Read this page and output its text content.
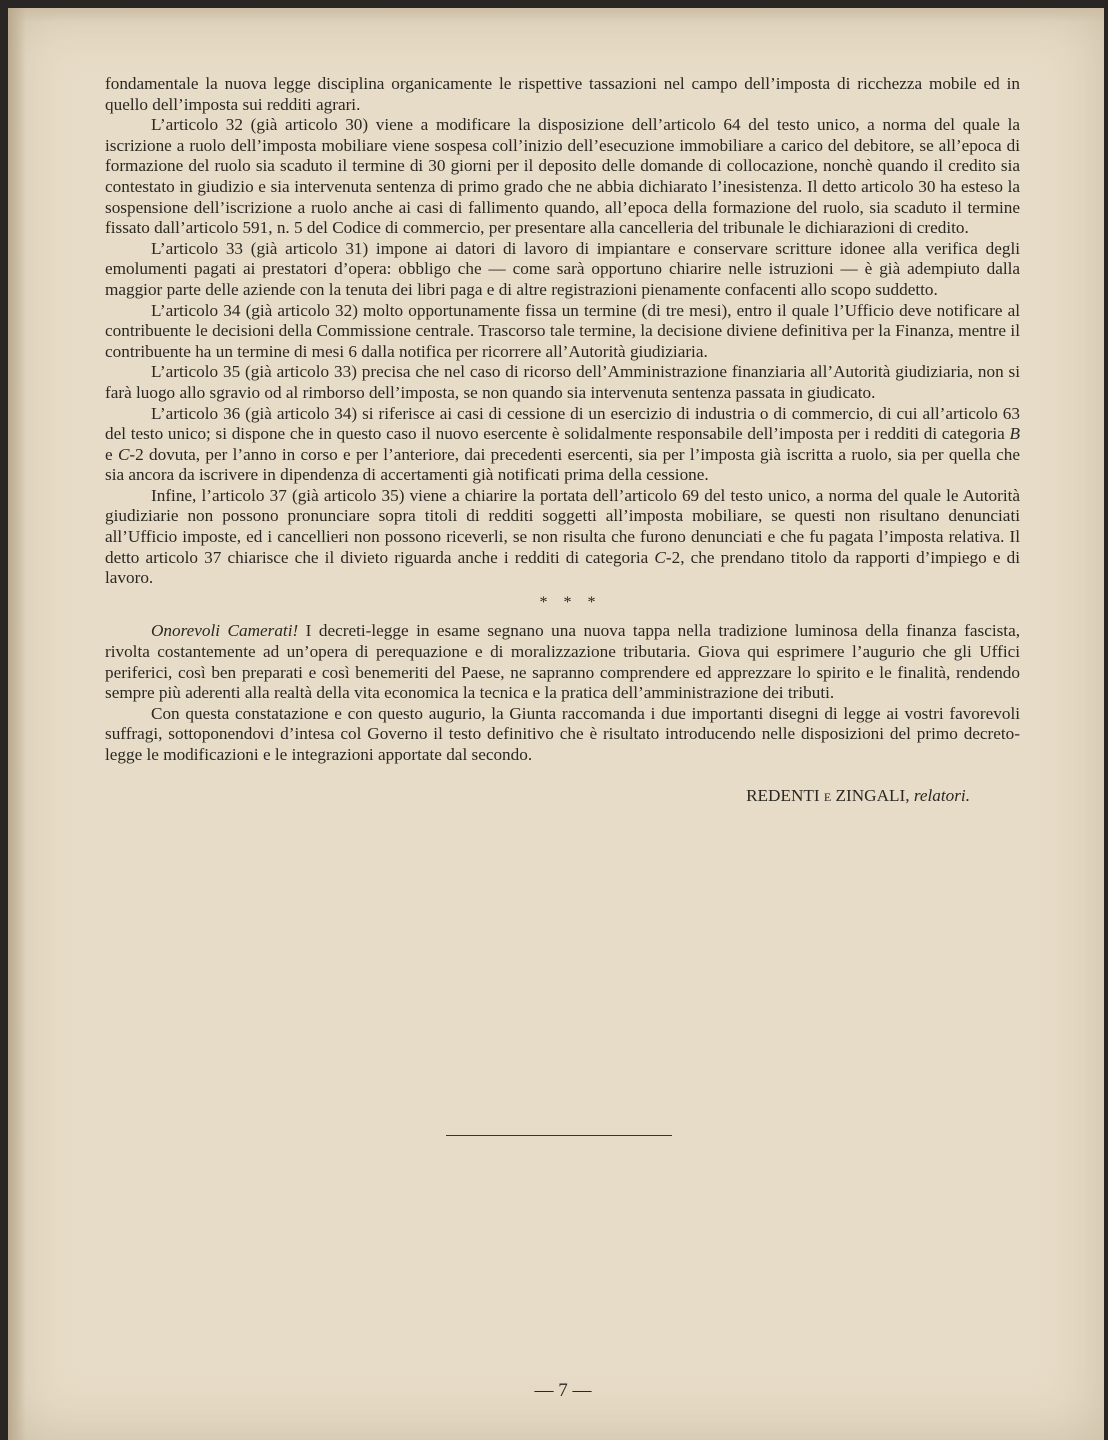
fondamentale la nuova legge disciplina organicamente le rispettive tassazioni nel campo dell’imposta di ricchezza mobile ed in quello dell’imposta sui redditi agrari.

L’articolo 32 (già articolo 30) viene a modificare la disposizione dell’articolo 64 del testo unico, a norma del quale la iscrizione a ruolo dell’imposta mobiliare viene sospesa coll’inizio dell’esecuzione immobiliare a carico del debitore, se all’epoca di formazione del ruolo sia scaduto il termine di 30 giorni per il deposito delle domande di collocazione, nonchè quando il credito sia contestato in giudizio e sia intervenuta sentenza di primo grado che ne abbia dichiarato l’inesistenza. Il detto articolo 30 ha esteso la sospensione dell’iscrizione a ruolo anche ai casi di fallimento quando, all’epoca della formazione del ruolo, sia scaduto il termine fissato dall’articolo 591, n. 5 del Codice di commercio, per presentare alla cancelleria del tribunale le dichiarazioni di credito.

L’articolo 33 (già articolo 31) impone ai datori di lavoro di impiantare e conservare scritture idonee alla verifica degli emolumenti pagati ai prestatori d’opera: obbligo che — come sarà opportuno chiarire nelle istruzioni — è già adempiuto dalla maggior parte delle aziende con la tenuta dei libri paga e di altre registrazioni pienamente confacenti allo scopo suddetto.

L’articolo 34 (già articolo 32) molto opportunamente fissa un termine (di tre mesi), entro il quale l’Ufficio deve notificare al contribuente le decisioni della Commissione centrale. Trascorso tale termine, la decisione diviene definitiva per la Finanza, mentre il contribuente ha un termine di mesi 6 dalla notifica per ricorrere all’Autorità giudiziaria.

L’articolo 35 (già articolo 33) precisa che nel caso di ricorso dell’Amministrazione finanziaria all’Autorità giudiziaria, non si farà luogo allo sgravio od al rimborso dell’imposta, se non quando sia intervenuta sentenza passata in giudicato.

L’articolo 36 (già articolo 34) si riferisce ai casi di cessione di un esercizio di industria o di commercio, di cui all’articolo 63 del testo unico; si dispone che in questo caso il nuovo esercente è solidalmente responsabile dell’imposta per i redditi di categoria B e C-2 dovuta, per l’anno in corso e per l’anteriore, dai precedenti esercenti, sia per l’imposta già iscritta a ruolo, sia per quella che sia ancora da iscrivere in dipendenza di accertamenti già notificati prima della cessione.

Infine, l’articolo 37 (già articolo 35) viene a chiarire la portata dell’articolo 69 del testo unico, a norma del quale le Autorità giudiziarie non possono pronunciare sopra titoli di redditi soggetti all’imposta mobiliare, se questi non risultano denunciati all’Ufficio imposte, ed i cancellieri non possono riceverli, se non risulta che furono denunciati e che fu pagata l’imposta relativa. Il detto articolo 37 chiarisce che il divieto riguarda anche i redditi di categoria C-2, che prendano titolo da rapporti d’impiego e di lavoro.

* * *

Onorevoli Camerati! I decreti-legge in esame segnano una nuova tappa nella tradizione luminosa della finanza fascista, rivolta costantemente ad un’opera di perequazione e di moralizzazione tributaria. Giova qui esprimere l’augurio che gli Uffici periferici, così ben preparati e così benemeriti del Paese, ne sapranno comprendere ed apprezzare lo spirito e le finalità, rendendo sempre più aderenti alla realtà della vita economica la tecnica e la pratica dell’amministrazione dei tributi.

Con questa constatazione e con questo augurio, la Giunta raccomanda i due importanti disegni di legge ai vostri favorevoli suffragi, sottoponendovi d’intesa col Governo il testo definitivo che è risultato introducendo nelle disposizioni del primo decreto-legge le modificazioni e le integrazioni apportate dal secondo.

REDENTI E ZINGALI, relatori.
— 7 —
